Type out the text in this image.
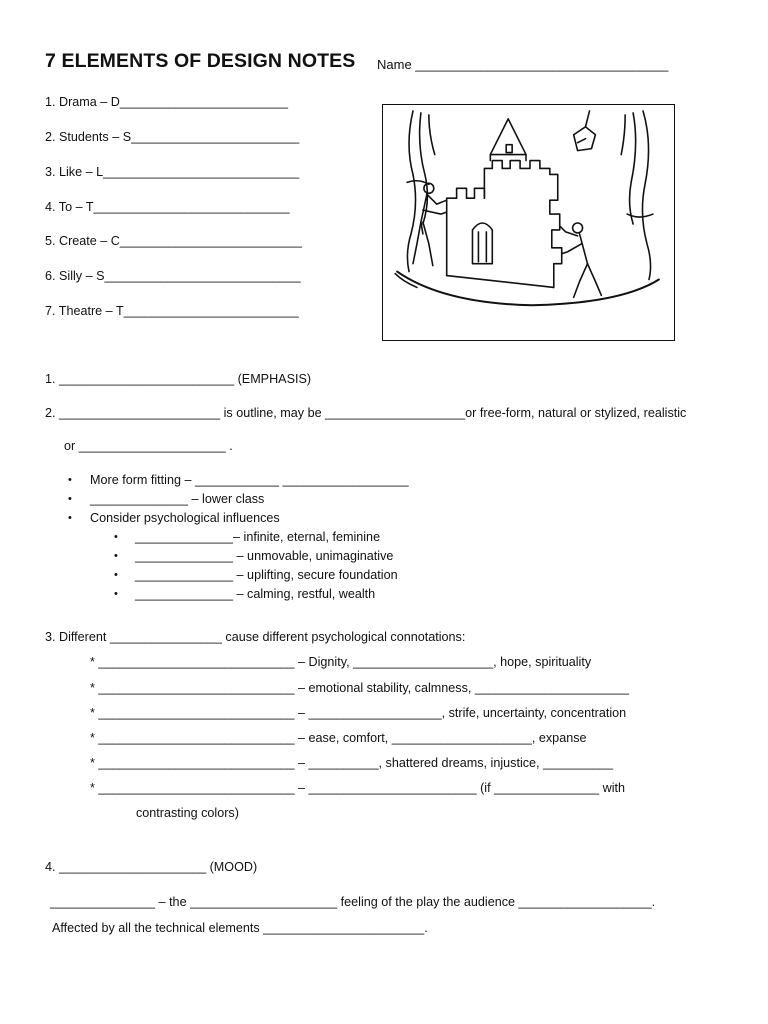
7 ELEMENTS OF DESIGN NOTES Name ___________________________________
1. Drama – D________________________
2. Students – S________________________
3. Like – L____________________________
4. To – T____________________________
5. Create – C__________________________
6. Silly – S____________________________
7. Theatre – T_________________________
1. _________________________ (EMPHASIS)
2. _______________________ is outline, may be ____________________or free-form, natural or stylized, realistic
or _____________________ .
• More form fitting – ____________ __________________
• ______________ – lower class
• Consider psychological influences
• ______________– infinite, eternal, feminine
• ______________ – unmovable, unimaginative
• ______________ – uplifting, secure foundation
• ______________ – calming, restful, wealth
3. Different ________________ cause different psychological connotations:
* ____________________________ – Dignity, ____________________, hope, spirituality
* ____________________________ – emotional stability, calmness, ______________________
* ____________________________ – ___________________, strife, uncertainty, concentration
* ____________________________ – ease, comfort, ____________________, expanse
* ____________________________ – __________, shattered dreams, injustice, __________
* ____________________________ – ________________________ (if _______________ with
contrasting colors)
4. _____________________ (MOOD)
_______________ – the _____________________ feeling of the play the audience ___________________.
Affected by all the technical elements _______________________.
